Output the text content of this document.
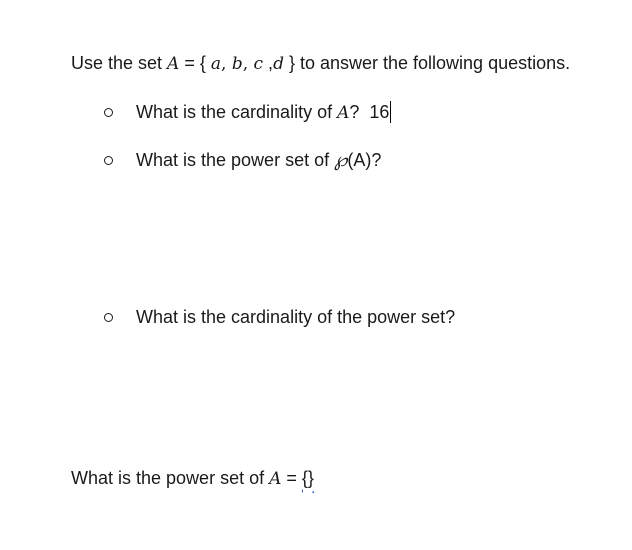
Use the set A = { a, b, c ,d } to answer the following questions.
What is the cardinality of A? 16
What is the power set of ℘(A)?
What is the cardinality of the power set?
What is the power set of A = {}
